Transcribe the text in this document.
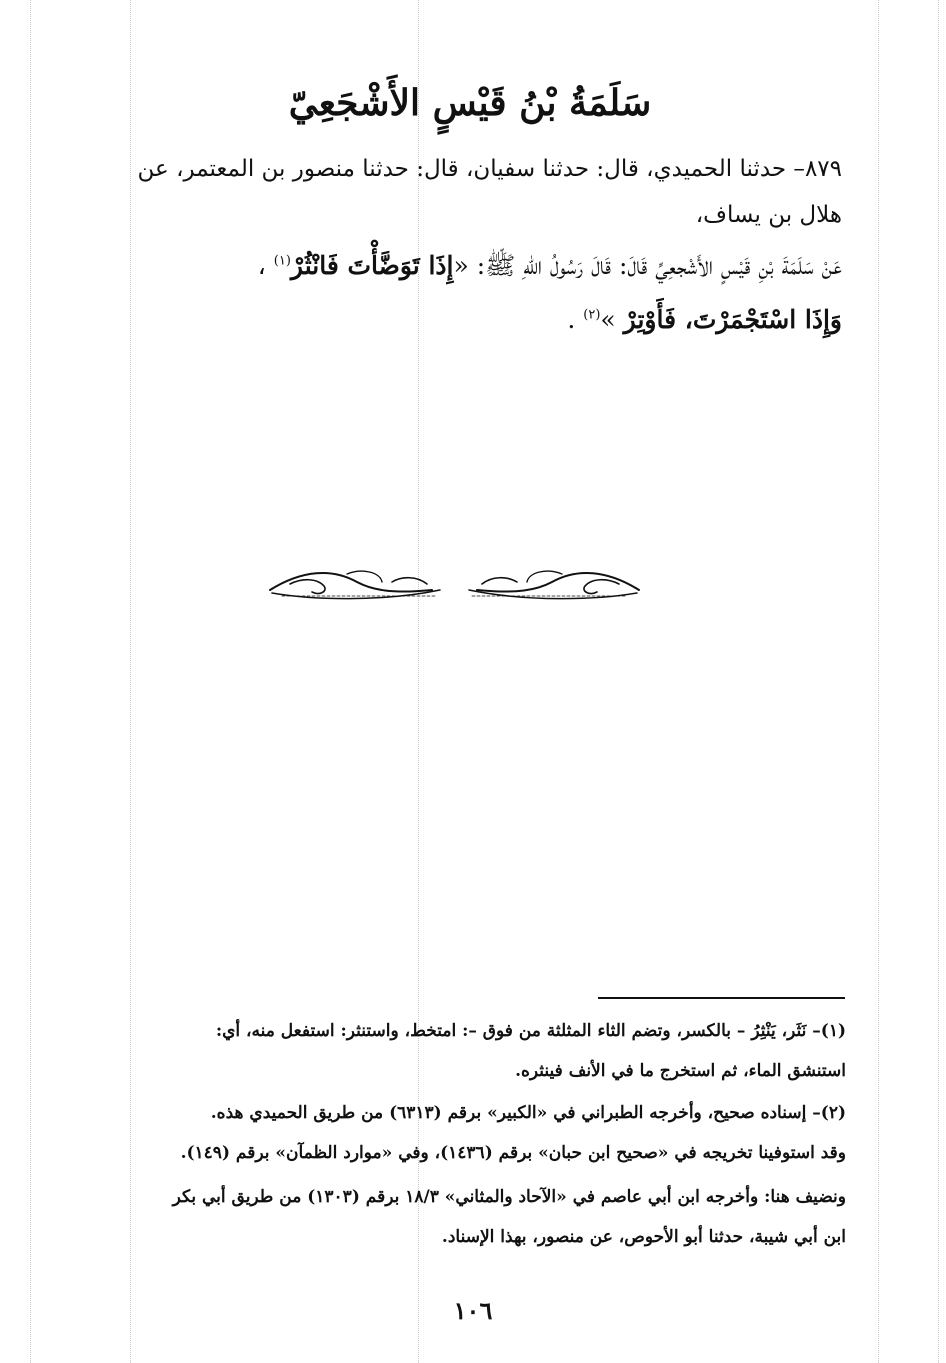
سَلَمَةُ بْنُ قَيْسٍ الأَشْجَعِيّ
٨٧٩– حدثنا الحميدي، قال: حدثنا سفيان، قال: حدثنا منصور بن المعتمر، عن
هلال بن يساف،
عَنْ سَلَمَةَ بْنِ قَيْسٍ الأَشْجعِيِّ قَالَ: قَالَ رَسُولُ اللهِ ﷺ: «إِذَا تَوَضَّأْتَ فَانْثُرْ$^{(١)}$ ،
وَإِذَا اسْتَجْمَرْتَ، فَأَوْتِرْ »$^{(٢)}$ .
(١)– نَثَر، يَنْثِرُ – بالكسر، وتضم الثاء المثلثة من فوق –: امتخط، واستنثر: استفعل منه، أي:
استنشق الماء، ثم استخرج ما في الأنف فينثره.
(٢)– إسناده صحيح، وأخرجه الطبراني في «الكبير» برقم (٦٣١٣) من طريق الحميدي هذه.
وقد استوفينا تخريجه في «صحيح ابن حبان» برقم (١٤٣٦)، وفي «موارد الظمآن» برقم (١٤٩).
ونضيف هنا: وأخرجه ابن أبي عاصم في «الآحاد والمثاني» ١٨/٣ برقم (١٣٠٣) من طريق أبي بكر
ابن أبي شيبة، حدثنا أبو الأحوص، عن منصور، بهذا الإسناد.
١٠٦
